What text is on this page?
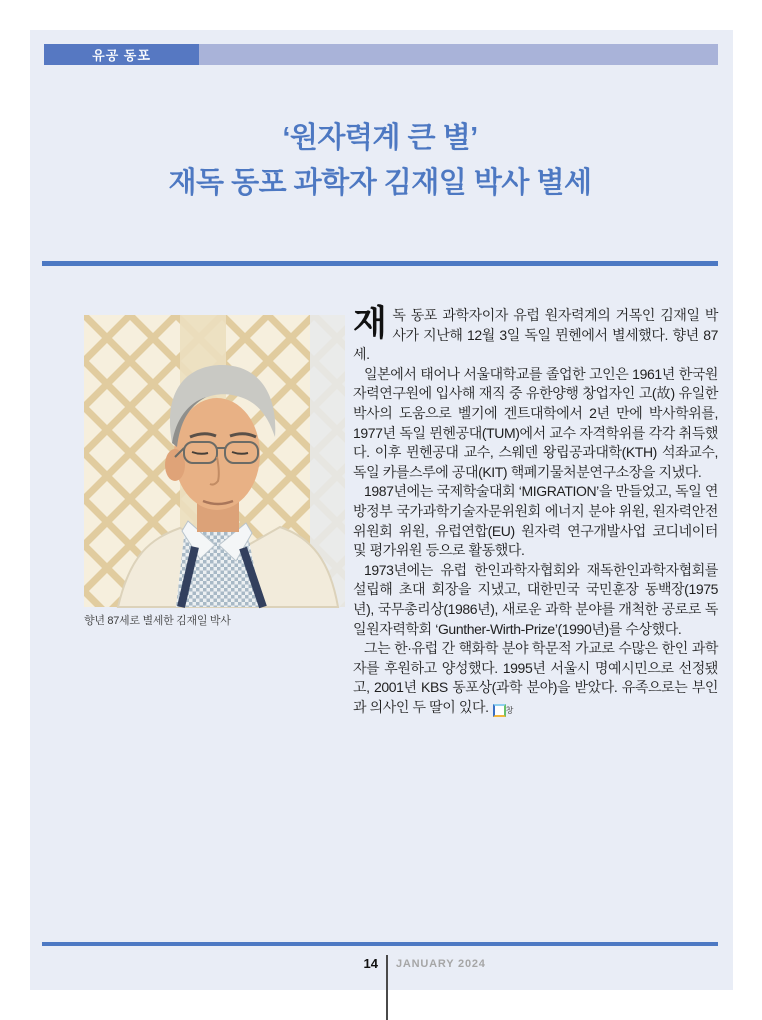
유공 동포
‘원자력계 큰 별’
재독 동포 과학자 김재일 박사 별세
향년 87세로 별세한 김재일 박사

재독 동포 과학자이자 유럽 원자력계의 거목인 김재일 박사가 지난해 12월 3일 독일 뮌헨에서 별세했다. 향년 87세.

일본에서 태어나 서울대학교를 졸업한 고인은 1961년 한국원자력연구원에 입사해 재직 중 유한양행 창업자인 고(故) 유일한 박사의 도움으로 벨기에 겐트대학에서 2년 만에 박사학위를, 1977년 독일 뮌헨공대(TUM)에서 교수 자격학위를 각각 취득했다. 이후 뮌헨공대 교수, 스웨덴 왕립공과대학(KTH) 석좌교수, 독일 카를스루에 공대(KIT) 핵폐기물처분연구소장을 지냈다.

1987년에는 국제학술대회 ‘MIGRATION’을 만들었고, 독일 연방정부 국가과학기술자문위원회 에너지 분야 위원, 원자력안전위원회 위원, 유럽연합(EU) 원자력 연구개발사업 코디네이터 및 평가위원 등으로 활동했다.

1973년에는 유럽 한인과학자협회와 재독한인과학자협회를 설립해 초대 회장을 지냈고, 대한민국 국민훈장 동백장(1975년), 국무총리상(1986년), 새로운 과학 분야를 개척한 공로로 독일원자력학회 ‘Gunther-Wirth-Prize’(1990년)를 수상했다.

그는 한·유럽 간 핵화학 분야 학문적 가교로 수많은 한인 과학자를 후원하고 양성했다. 1995년 서울시 명예시민으로 선정됐고, 2001년 KBS 동포상(과학 분야)을 받았다. 유족으로는 부인과 의사인 두 딸이 있다. 창

14 JANUARY 2024
